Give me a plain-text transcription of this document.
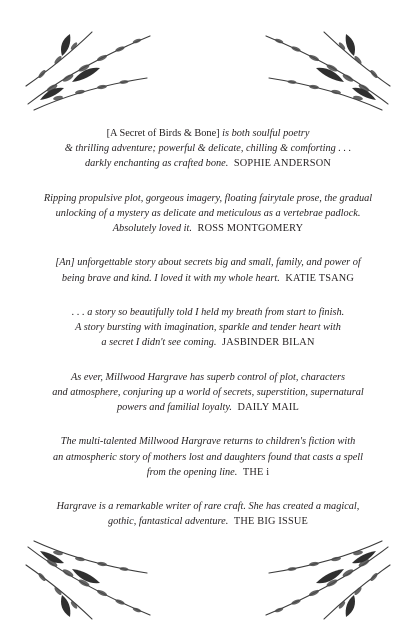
[A Secret of Birds & Bone] is both soulful poetry
& thrilling adventure; powerful & delicate, chilling & comforting . . .
darkly enchanting as crafted bone. SOPHIE ANDERSON

Ripping propulsive plot, gorgeous imagery, floating fairytale prose, the gradual
unlocking of a mystery as delicate and meticulous as a vertebrae padlock.
Absolutely loved it. ROSS MONTGOMERY

[An] unforgettable story about secrets big and small, family, and power of
being brave and kind. I loved it with my whole heart. KATIE TSANG

. . . a story so beautifully told I held my breath from start to finish.
A story bursting with imagination, sparkle and tender heart with
a secret I didn't see coming. JASBINDER BILAN

As ever, Millwood Hargrave has superb control of plot, characters
and atmosphere, conjuring up a world of secrets, superstition, supernatural
powers and familial loyalty. DAILY MAIL

The multi-talented Millwood Hargrave returns to children's fiction with
an atmospheric story of mothers lost and daughters found that casts a spell
from the opening line. THE i

Hargrave is a remarkable writer of rare craft. She has created a magical,
gothic, fantastical adventure. THE BIG ISSUE
